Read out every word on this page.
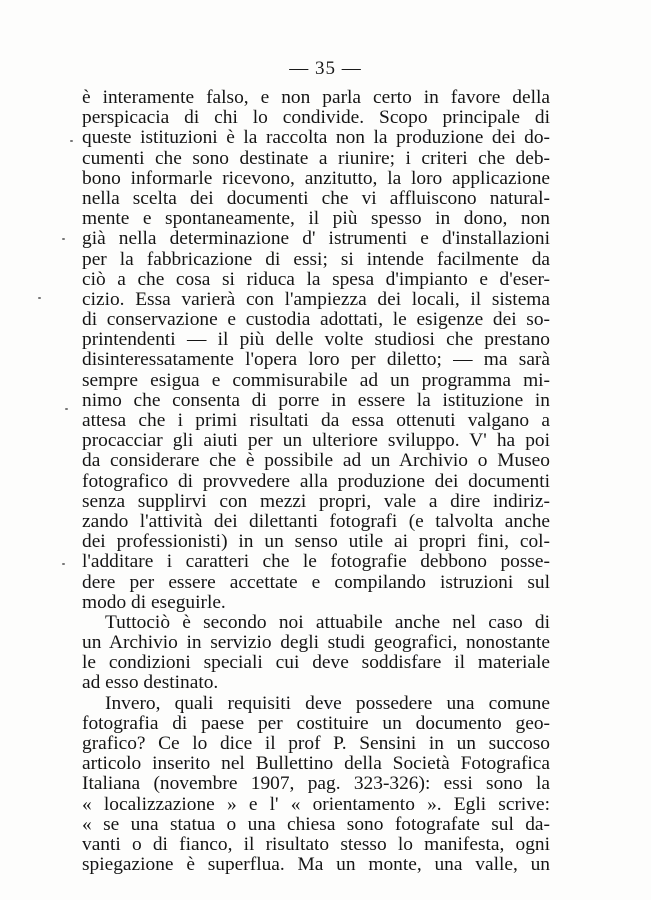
— 35 —
è interamente falso, e non parla certo in favore della
perspicacia di chi lo condivide. Scopo principale di
queste istituzioni è la raccolta non la produzione dei do-
cumenti che sono destinate a riunire; i criteri che deb-
bono informarle ricevono, anzitutto, la loro applicazione
nella scelta dei documenti che vi affluiscono natural-
mente e spontaneamente, il più spesso in dono, non
già nella determinazione d' istrumenti e d'installazioni
per la fabbricazione di essi; si intende facilmente da
ciò a che cosa si riduca la spesa d'impianto e d'eser-
cizio. Essa varierà con l'ampiezza dei locali, il sistema
di conservazione e custodia adottati, le esigenze dei so-
printendenti — il più delle volte studiosi che prestano
disinteressatamente l'opera loro per diletto; — ma sarà
sempre esigua e commisurabile ad un programma mi-
nimo che consenta di porre in essere la istituzione in
attesa che i primi risultati da essa ottenuti valgano a
procacciar gli aiuti per un ulteriore sviluppo. V' ha poi
da considerare che è possibile ad un Archivio o Museo
fotografico di provvedere alla produzione dei documenti
senza supplirvi con mezzi propri, vale a dire indiriz-
zando l'attività dei dilettanti fotografi (e talvolta anche
dei professionisti) in un senso utile ai propri fini, col-
l'additare i caratteri che le fotografie debbono posse-
dere per essere accettate e compilando istruzioni sul
modo di eseguirle.
Tuttociò è secondo noi attuabile anche nel caso di
un Archivio in servizio degli studi geografici, nonostante
le condizioni speciali cui deve soddisfare il materiale
ad esso destinato.
Invero, quali requisiti deve possedere una comune
fotografia di paese per costituire un documento geo-
grafico? Ce lo dice il prof P. Sensini in un succoso
articolo inserito nel Bullettino della Società Fotografica
Italiana (novembre 1907, pag. 323-326): essi sono la
« localizzazione » e l' « orientamento ». Egli scrive:
« se una statua o una chiesa sono fotografate sul da-
vanti o di fianco, il risultato stesso lo manifesta, ogni
spiegazione è superflua. Ma un monte, una valle, un
